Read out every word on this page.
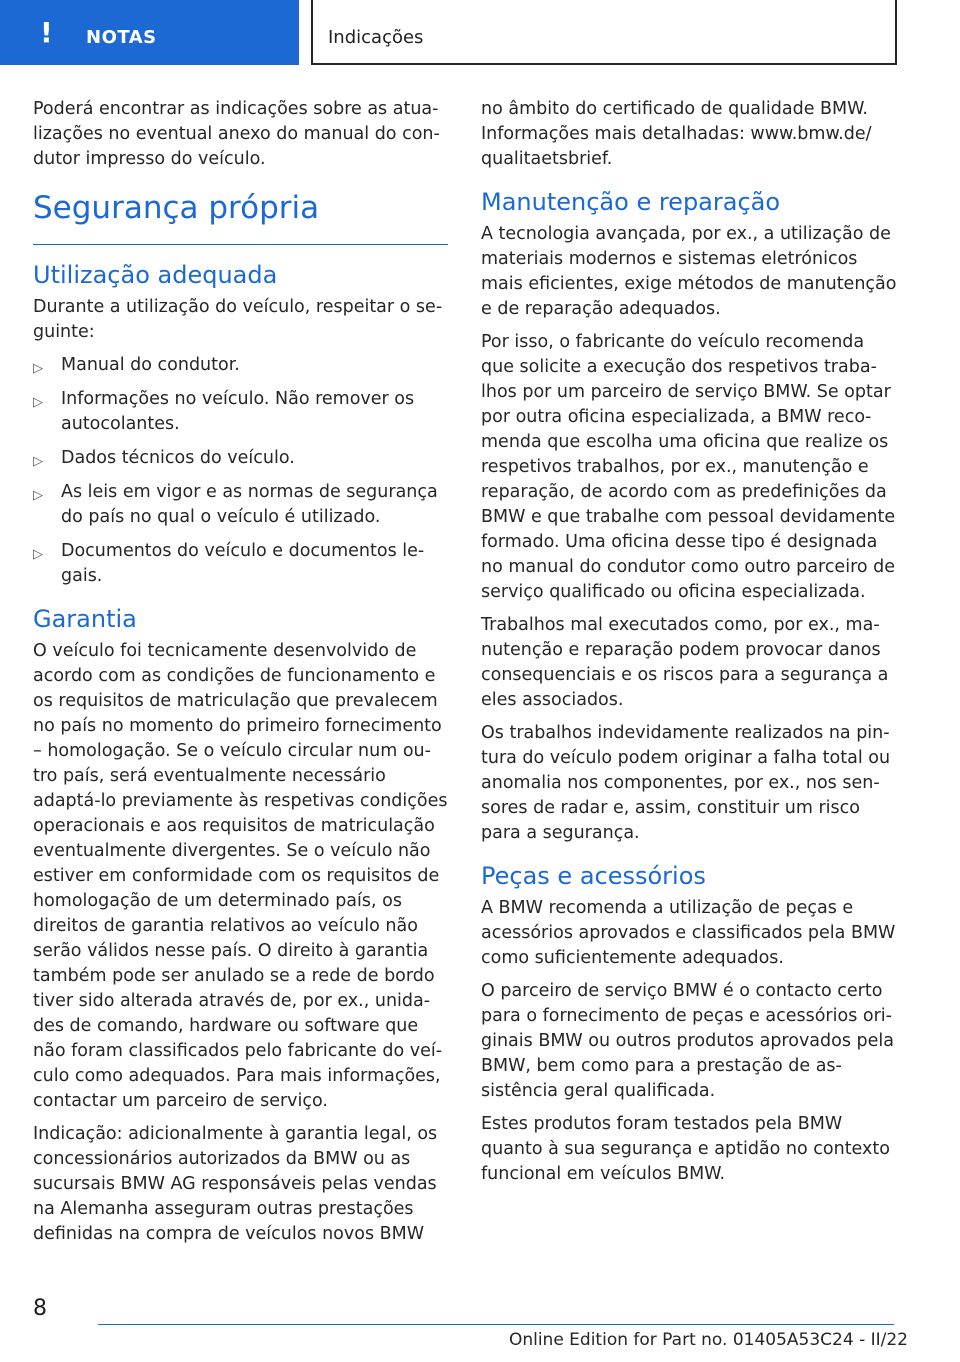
! NOTAS	Indicações

Poderá encontrar as indicações sobre as atualizações no eventual anexo do manual do condutor impresso do veículo.

Segurança própria
Utilização adequada

Durante a utilização do veículo, respeitar o seguinte:

▷ Manual do condutor.
▷ Informações no veículo. Não remover os autocolantes.
▷ Dados técnicos do veículo.
▷ As leis em vigor e as normas de segurança do país no qual o veículo é utilizado.
▷ Documentos do veículo e documentos legais.
Garantia

O veículo foi tecnicamente desenvolvido de acordo com as condições de funcionamento e os requisitos de matriculação que prevalecem no país no momento do primeiro fornecimento – homologação. Se o veículo circular num outro país, será eventualmente necessário adaptá-lo previamente às respetivas condições operacionais e aos requisitos de matriculação eventualmente divergentes. Se o veículo não estiver em conformidade com os requisitos de homologação de um determinado país, os direitos de garantia relativos ao veículo não serão válidos nesse país. O direito à garantia também pode ser anulado se a rede de bordo tiver sido alterada através de, por ex., unidades de comando, hardware ou software que não foram classificados pelo fabricante do veículo como adequados. Para mais informações, contactar um parceiro de serviço.

Indicação: adicionalmente à garantia legal, os concessionários autorizados da BMW ou as sucursais BMW AG responsáveis pelas vendas na Alemanha asseguram outras prestações definidas na compra de veículos novos BMW

no âmbito do certificado de qualidade BMW. Informações mais detalhadas: www.bmw.de/ qualitaetsbrief.

Manutenção e reparação

A tecnologia avançada, por ex., a utilização de materiais modernos e sistemas eletrónicos mais eficientes, exige métodos de manutenção e de reparação adequados.

Por isso, o fabricante do veículo recomenda que solicite a execução dos respetivos trabalhos por um parceiro de serviço BMW. Se optar por outra oficina especializada, a BMW recomenda que escolha uma oficina que realize os respetivos trabalhos, por ex., manutenção e reparação, de acordo com as predefinições da BMW e que trabalhe com pessoal devidamente formado. Uma oficina desse tipo é designada no manual do condutor como outro parceiro de serviço qualificado ou oficina especializada.

Trabalhos mal executados como, por ex., manutenção e reparação podem provocar danos consequenciais e os riscos para a segurança a eles associados.

Os trabalhos indevidamente realizados na pintura do veículo podem originar a falha total ou anomalia nos componentes, por ex., nos sensores de radar e, assim, constituir um risco para a segurança.

Peças e acessórios

A BMW recomenda a utilização de peças e acessórios aprovados e classificados pela BMW como suficientemente adequados.

O parceiro de serviço BMW é o contacto certo para o fornecimento de peças e acessórios originais BMW ou outros produtos aprovados pela BMW, bem como para a prestação de assistência geral qualificada.

Estes produtos foram testados pela BMW quanto à sua segurança e aptidão no contexto funcional em veículos BMW.

8
Online Edition for Part no. 01405A53C24 - II/22
